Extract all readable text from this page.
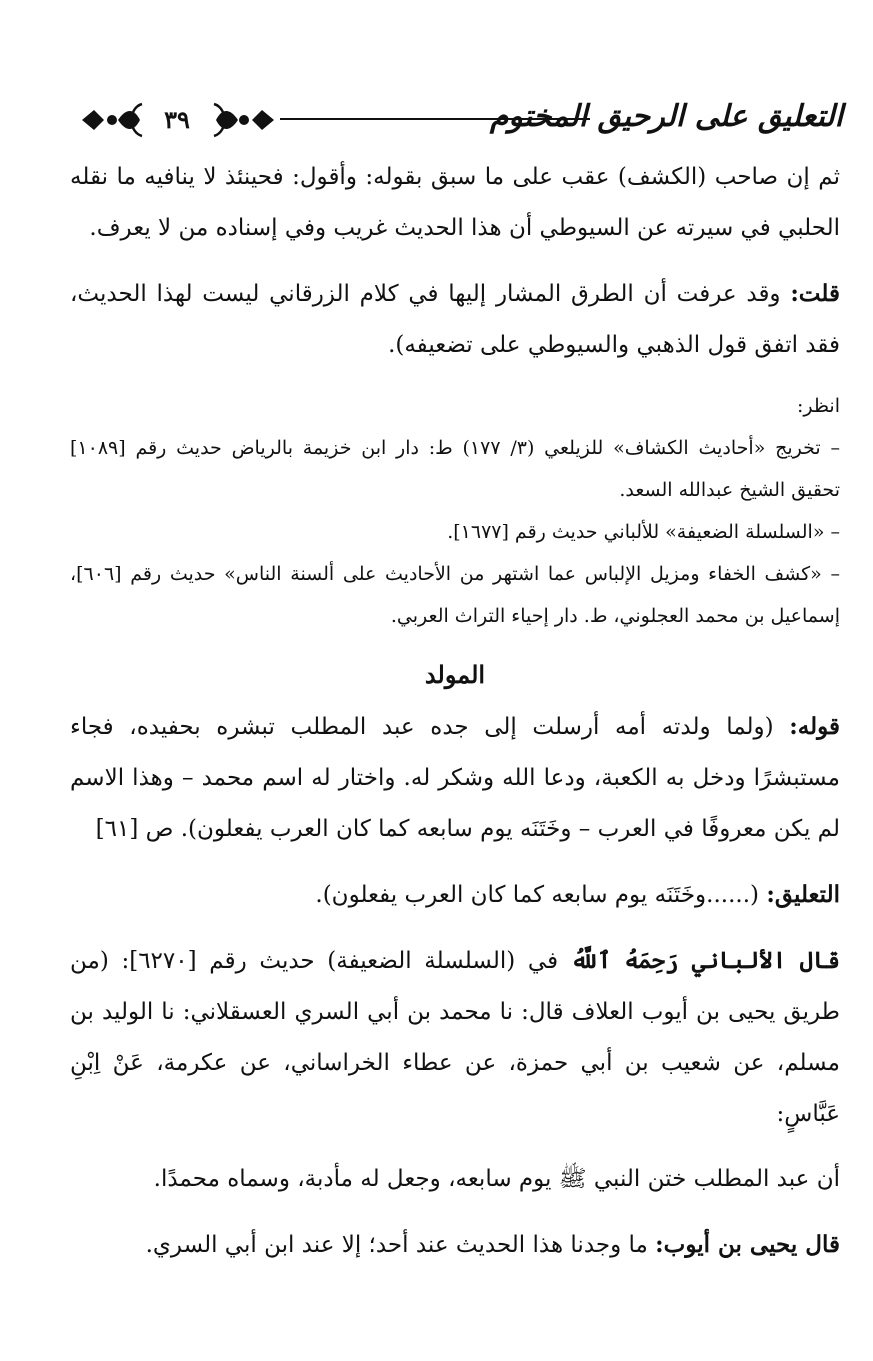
٣٩	التعليق على الرحيق المختوم

ثم إن صاحب (الكشف) عقب على ما سبق بقوله: وأقول: فحينئذ لا ينافيه ما نقله الحلبي في سيرته عن السيوطي أن هذا الحديث غريب وفي إسناده من لا يعرف.

قلت: وقد عرفت أن الطرق المشار إليها في كلام الزرقاني ليست لهذا الحديث، فقد اتفق قول الذهبي والسيوطي على تضعيفه).

انظر:

– تخريج «أحاديث الكشاف» للزيلعي (٣/ ١٧٧) ط: دار ابن خزيمة بالرياض حديث رقم [١٠٨٩] تحقيق الشيخ عبدالله السعد.

– «السلسلة الضعيفة» للألباني حديث رقم [١٦٧٧].

– «كشف الخفاء ومزيل الإلباس عما اشتهر من الأحاديث على ألسنة الناس» حديث رقم [٦٠٦]، إسماعيل بن محمد العجلوني، ط. دار إحياء التراث العربي.

المولد

قوله: (ولما ولدته أمه أرسلت إلى جده عبد المطلب تبشره بحفيده، فجاء مستبشرًا ودخل به الكعبة، ودعا الله وشكر له. واختار له اسم محمد – وهذا الاسم لم يكن معروفًا في العرب – وخَتَنَه يوم سابعه كما كان العرب يفعلون). ص [٦١]

التعليق: (......وخَتَنَه يوم سابعه كما كان العرب يفعلون).

قال الألباني رَحِمَهُ ٱللَّهُ في (السلسلة الضعيفة) حديث رقم [٦٢٧٠]: (من طريق يحيى بن أيوب العلاف قال: نا محمد بن أبي السري العسقلاني: نا الوليد بن مسلم، عن شعيب بن أبي حمزة، عن عطاء الخراساني، عن عكرمة، عَنْ اِبْنِ عَبَّاسٍ:

أن عبد المطلب ختن النبي ﷺ يوم سابعه، وجعل له مأدبة، وسماه محمدًا.

قال يحيى بن أيوب: ما وجدنا هذا الحديث عند أحد؛ إلا عند ابن أبي السري.
